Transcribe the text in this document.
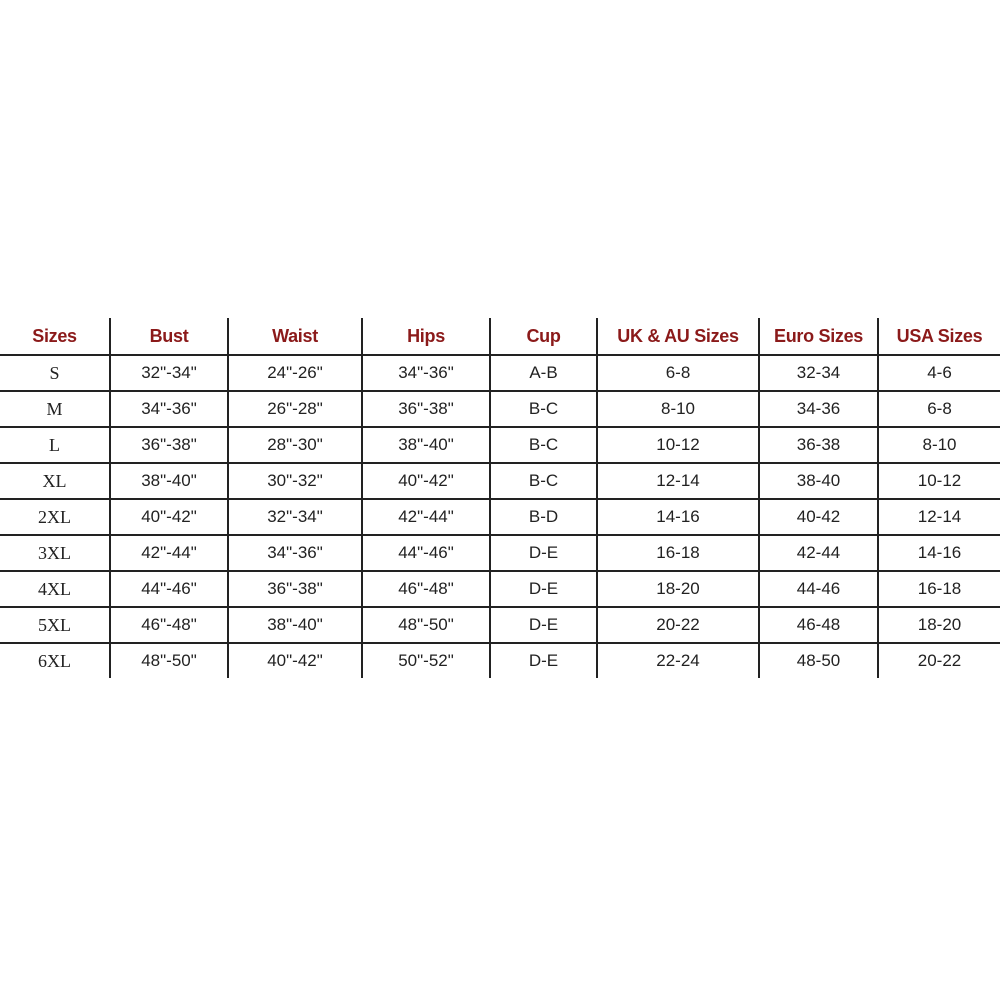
Sizes	Bust	Waist	Hips	Cup	UK & AU Sizes	Euro Sizes	USA Sizes
S	32"-34"	24"-26"	34"-36"	A-B	6-8	32-34	4-6
M	34"-36"	26"-28"	36"-38"	B-C	8-10	34-36	6-8
L	36"-38"	28"-30"	38"-40"	B-C	10-12	36-38	8-10
XL	38"-40"	30"-32"	40"-42"	B-C	12-14	38-40	10-12
2XL	40"-42"	32"-34"	42"-44"	B-D	14-16	40-42	12-14
3XL	42"-44"	34"-36"	44"-46"	D-E	16-18	42-44	14-16
4XL	44"-46"	36"-38"	46"-48"	D-E	18-20	44-46	16-18
5XL	46"-48"	38"-40"	48"-50"	D-E	20-22	46-48	18-20
6XL	48"-50"	40"-42"	50"-52"	D-E	22-24	48-50	20-22
